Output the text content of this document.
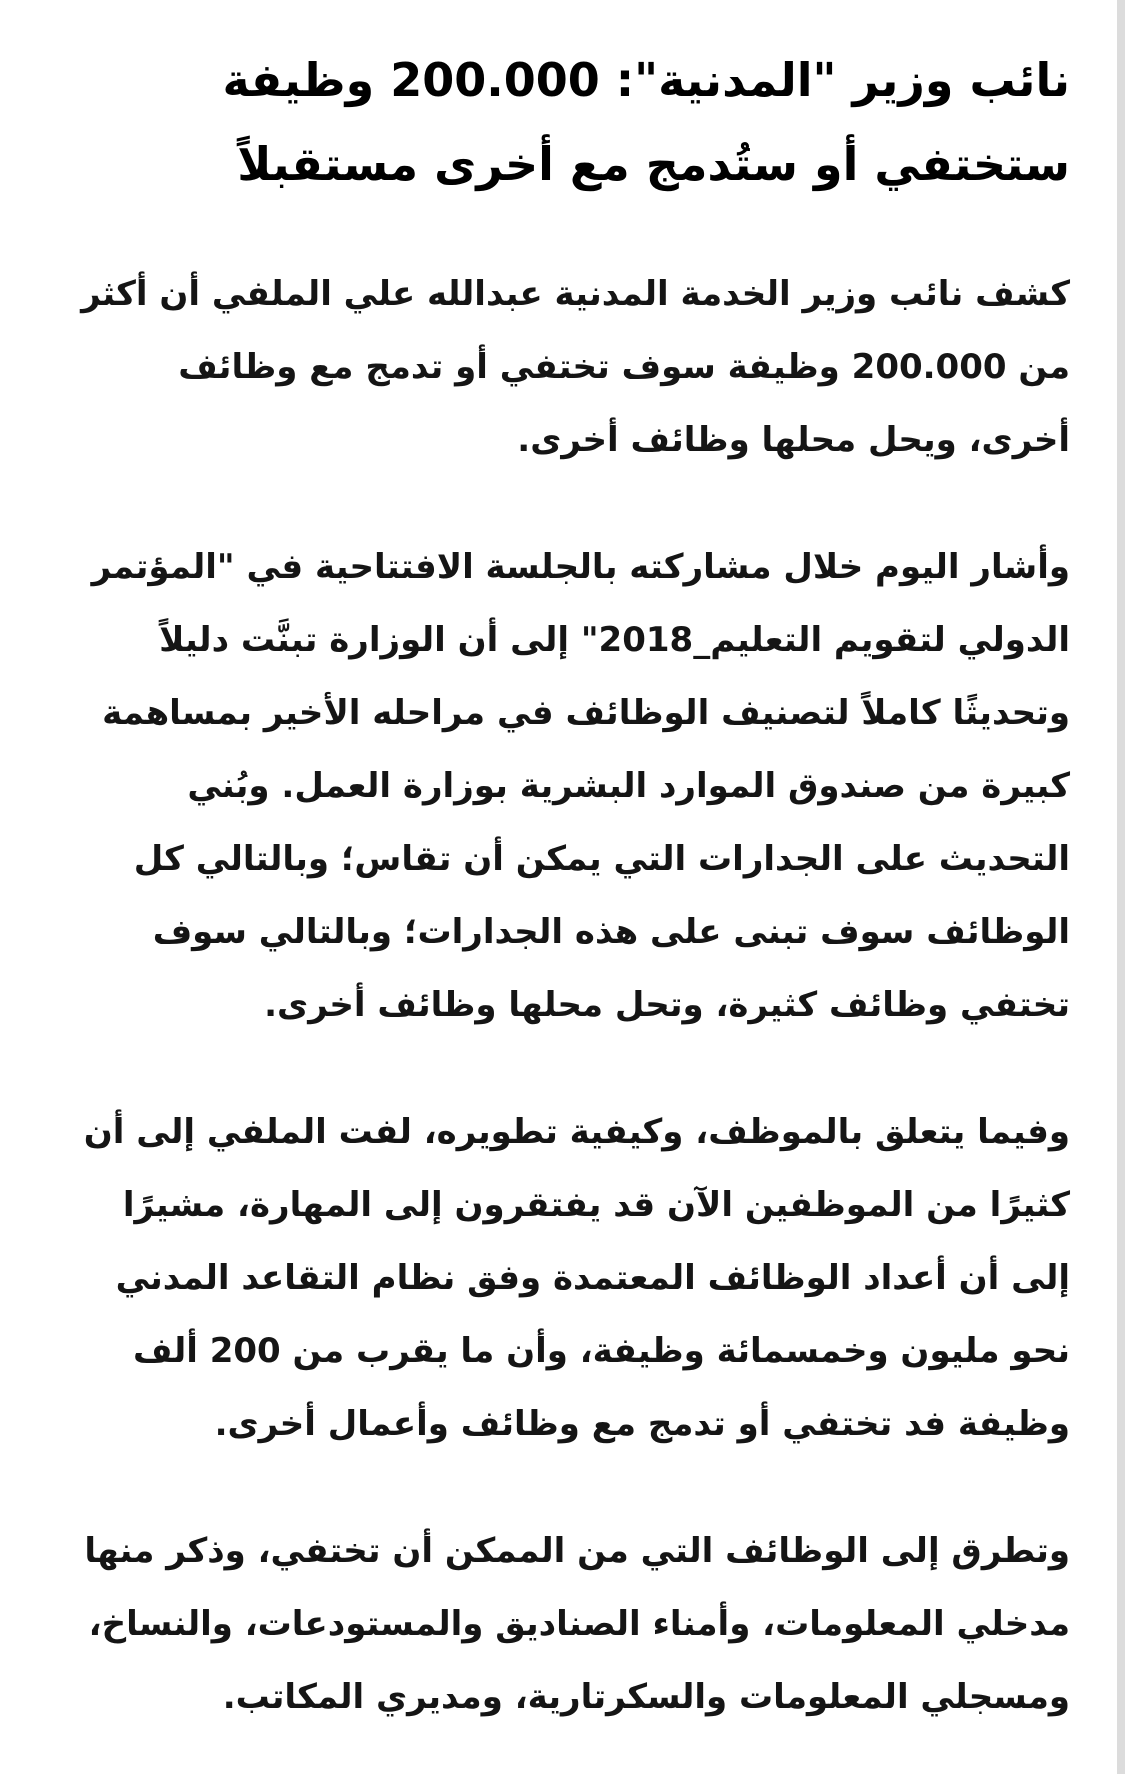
نائب وزير "المدنية": 200.000 وظيفة ستختفي أو ستُدمج مع أخرى مستقبلاً

كشف نائب وزير الخدمة المدنية عبدالله علي الملفي أن أكثر من 200.000 وظيفة سوف تختفي أو تدمج مع وظائف أخرى، ويحل محلها وظائف أخرى.

وأشار اليوم خلال مشاركته بالجلسة الافتتاحية في "المؤتمر الدولي لتقويم التعليم_2018" إلى أن الوزارة تبنَّت دليلاً وتحديثًا كاملاً لتصنيف الوظائف في مراحله الأخير بمساهمة كبيرة من صندوق الموارد البشرية بوزارة العمل. وبُني التحديث على الجدارات التي يمكن أن تقاس؛ وبالتالي كل الوظائف سوف تبنى على هذه الجدارات؛ وبالتالي سوف تختفي وظائف كثيرة، وتحل محلها وظائف أخرى.

وفيما يتعلق بالموظف، وكيفية تطويره، لفت الملفي إلى أن كثيرًا من الموظفين الآن قد يفتقرون إلى المهارة، مشيرًا إلى أن أعداد الوظائف المعتمدة وفق نظام التقاعد المدني نحو مليون وخمسمائة وظيفة، وأن ما يقرب من 200 ألف وظيفة فد تختفي أو تدمج مع وظائف وأعمال أخرى.

وتطرق إلى الوظائف التي من الممكن أن تختفي، وذكر منها مدخلي المعلومات، وأمناء الصناديق والمستودعات، والنساخ، ومسجلي المعلومات والسكرتارية، ومديري المكاتب.
